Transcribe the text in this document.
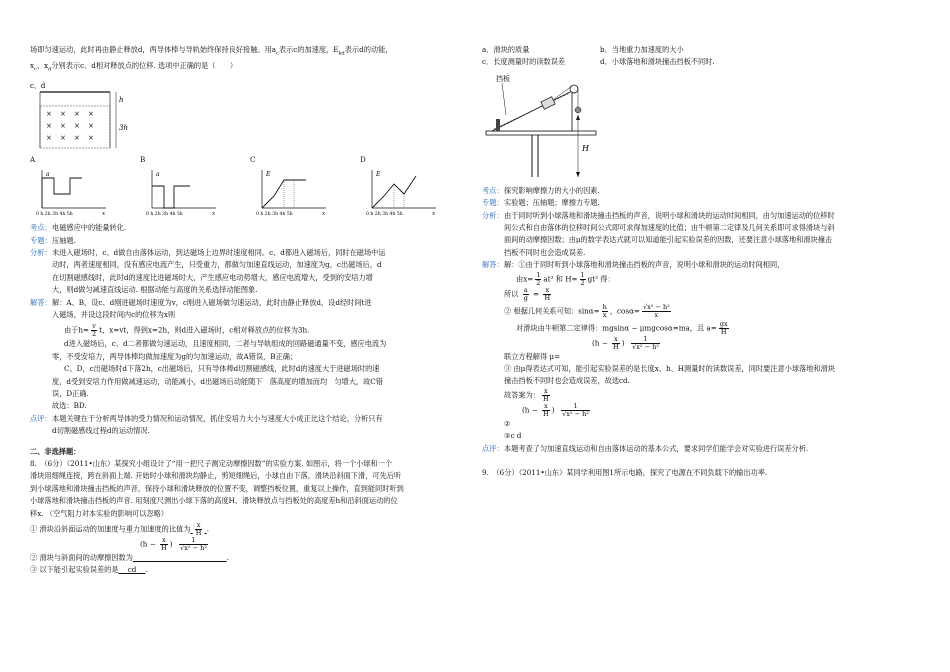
场即匀速运动，此时再由静止释放d，两导体棒与导轨始终保持良好接触。用$a_c$表示c的加速度，$E_{kd}$表示d的动能，

$x_c$、$x_d$分别表示c、d相对释放点的位移. 选项中正确的是（　　）

c、d
× × × ×
× × × ×
× × × ×
h
3h
A
a
0 h 2h 3h 4h 5h	x
B
a
0 h 2h 3h 4h 5h	x
C
E
0 h 2h 3h 4h 5h	x
D
E
0 h 2h 3h 4h 5h	x

考点：电磁感应中的能量转化.

专题：压轴题.

分析：未进入磁场时，c、d做自由落体运动，到达磁场上边界时速度相同。c、d都进入磁场后，同时在磁场中运

动时，两者速度相同，没有感应电流产生，只受重力，都做匀加速直线运动，加速度为g，c出磁场后，d

在切割磁感线时，此时d的速度比进磁场时大，产生感应电动势增大，感应电流增大，受到的安培力增

大，则d做匀减速直线运动. 根据动能与高度的关系选择动能图象.

解答：解：A、B，设c、d刚进磁场时速度为v，c刚进入磁场做匀速运动，此时由静止释放d，设d经时间t进

入磁场，并设这段时间内c的位移为x则

由于$h= \frac{v}{2}$ t，x=vt，得到x=2h，则d进入磁场时，c相对释放点的位移为3h.

d进入磁场后，c、d二者都做匀速运动，且速度相同，二者与导轨组成的回路磁通量不变，感应电流为

零，不受安培力，两导体棒均做加速度为g的匀加速运动，故A错误，B正确；

C、D，c出磁场时d下落2h，c出磁场后，只有导体棒d切割磁感线，此时d的速度大于进磁场时的速

度，d受到安培力作用做减速运动，动能减小，d出磁场后动能随下　落高度的增加而均　匀增大，故C错

误，D正确.

故选：BD.

点评：本题关键在于分析两导体的受力情况和运动情况，抓住安培力大小与速度大小成正比这个结论，分析只有

d切割磁感线过程d的运动情况.

二、非选择题：

8.　（6分）（2011•山东）某探究小组设计了“用一把尺子测定动摩擦因数”的实验方案. 如图示，将一个小球和一个

滑块用细绳连接，跨在斜面上端. 开始时小球和滑块均静止，剪短细绳后，小球自由下落，滑块沿斜面下滑，可先后听

到小球落地和滑块撞击挡板的声音，保持小球和滑块释放的位置不变，调整挡板位置，重复以上操作，直到能同时听到

小球落地和滑块撞击挡板的声音. 用刻度尺测出小球下落的高度H、滑块释放点与挡板处的高度差h和沿斜面运动的位

移x. （空气阻力对本实验的影响可以忽略）

① 滑块沿斜面运动的加速度与重力加速度的比值为 $\frac{x}{H}$ .

($h - \frac{x}{H}$ ) $\frac{1}{\text{√x² − h²}}$

② 滑块与斜面间的动摩擦因数为	.

③ 以下能引起实验误差的是 cd .

a．滑块的质量	b．当地重力加速度的大小

c．长度测量时的读数误差	d．小球落地和滑块撞击挡板不同时.

挡板
H

考点：探究影响摩擦力的大小的因素.

专题：实验题；压轴题；摩擦力专题.

分析：由于同时听到小球落地和滑块撞击挡板的声音，说明小球和滑块的运动时间相同，由匀加速运动的位移时

间公式和自由落体的位移时间公式即可求得加速度的比值；由牛顿第二定律及几何关系即可求得滑块与斜

面间的动摩擦因数；由μ的数学表达式就可以知道能引起实验误差的因数，还要注意小球落地和滑块撞击

挡板不同时也会造成误差.

解答：解：①由于同时听到小球落地和滑块撞击挡板的声音，说明小球和滑块的运动时间相同，

由$x= \frac{1}{2} at^2$ 和 $H= \frac{1}{2} gt^2$ 得：

所以 $\frac{a}{g} = \frac{x}{H}$

② 根据几何关系可知：$\sin\alpha= \frac{h}{x}$ ，$\cos\alpha= \frac{\text{√x² − h²}}{x}$

对滑块由牛顿第二定律得：mgsinα − μmgcosα=ma，且 $a= \frac{gx}{H}$

($h - \frac{x}{H}$ ) $\frac{1}{\text{√x² − h²}}$

联立方程解得 μ=

③ 由μ得表达式可知，能引起实验误差的是长度x、h、H测量时的读数误差，同时要注意小球落地和滑块

撞击挡板不同时也会造成误差，故选cd.

故答案为： $\frac{x}{H}$

($h - \frac{x}{H}$ ) $\frac{1}{\text{√x² − h²}}$

②

③c d

点评：本题考查了匀加速直线运动和自由落体运动的基本公式，要求同学们能学会对实验进行误差分析.

9.　（6分）（2011•山东）某同学利用图1所示电路，探究了电源在不同负载下的输出功率.
